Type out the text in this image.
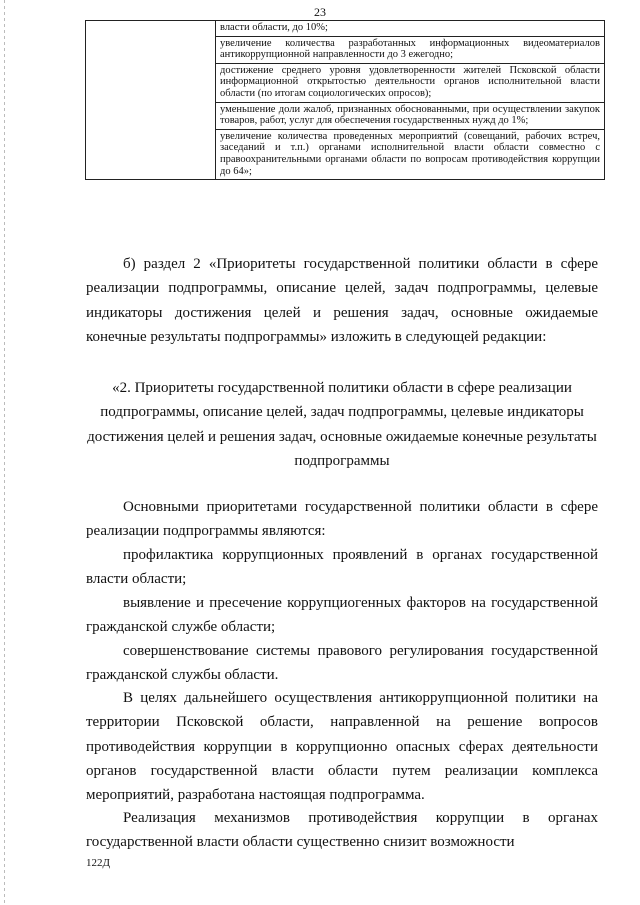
23
	власти области, до 10%;
увеличение количества разработанных информационных видеоматериалов антикоррупционной направленности до 3 ежегодно;
достижение среднего уровня удовлетворенности жителей Псковской области информационной открытостью деятельности органов исполнительной власти области (по итогам социологических опросов);
уменьшение доли жалоб, признанных обоснованными, при осуществлении закупок товаров, работ, услуг для обеспечения государственных нужд до 1%;
увеличение количества проведенных мероприятий (совещаний, рабочих встреч, заседаний и т.п.) органами исполнительной власти области совместно с правоохранительными органами области по вопросам противодействия коррупции до 64»;

б) раздел 2 «Приоритеты государственной политики области в сфере реализации подпрограммы, описание целей, задач подпрограммы, целевые индикаторы достижения целей и решения задач, основные ожидаемые конечные результаты подпрограммы» изложить в следующей редакции:

«2. Приоритеты государственной политики области в сфере реализации подпрограммы, описание целей, задач подпрограммы, целевые индикаторы достижения целей и решения задач, основные ожидаемые конечные результаты подпрограммы

Основными приоритетами государственной политики области в сфере реализации подпрограммы являются:

профилактика коррупционных проявлений в органах государственной власти области;

выявление и пресечение коррупциогенных факторов на государственной гражданской службе области;

совершенствование системы правового регулирования государственной гражданской службы области.

В целях дальнейшего осуществления антикоррупционной политики на территории Псковской области, направленной на решение вопросов противодействия коррупции в коррупционно опасных сферах деятельности органов государственной власти области путем реализации комплекса мероприятий, разработана настоящая подпрограмма.

Реализация механизмов противодействия коррупции в органах государственной власти области существенно снизит возможности

122Д
